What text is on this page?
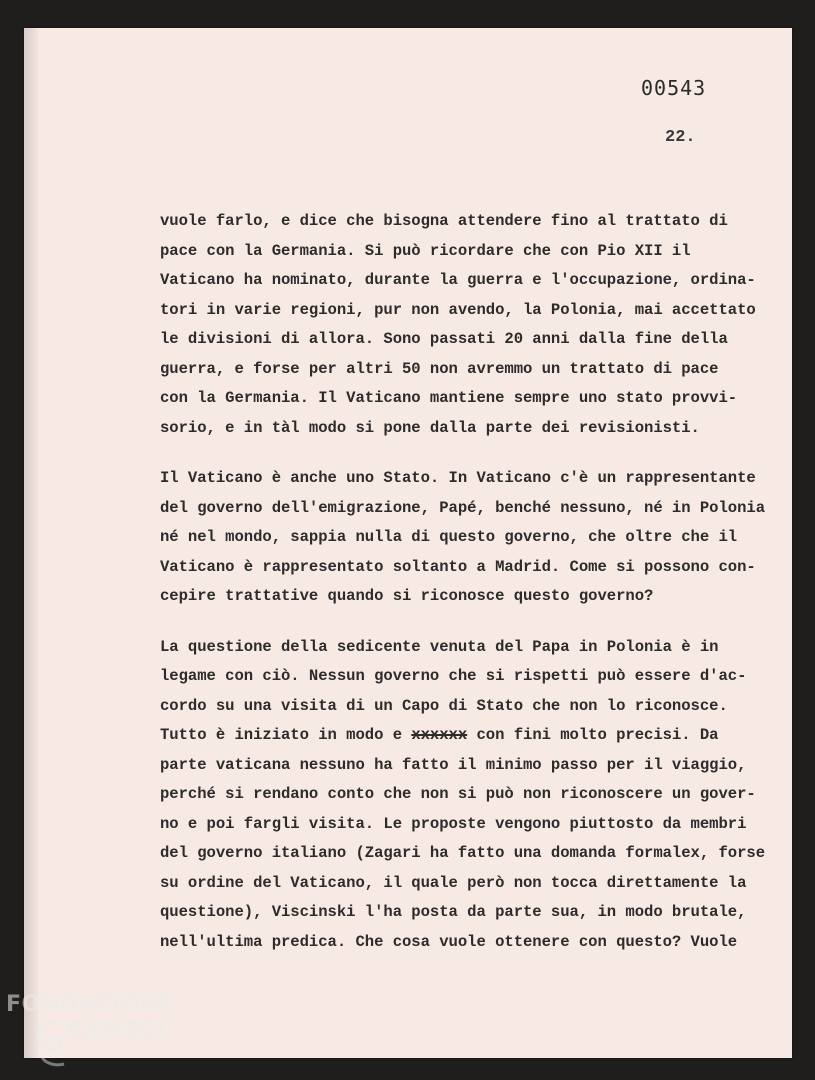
00543
22.
vuole farlo, e dice che bisogna attendere fino al trattato di
pace con la Germania. Si può ricordare che con Pio XII il
Vaticano ha nominato, durante la guerra e l'occupazione, ordina-
tori in varie regioni, pur non avendo, la Polonia, mai accettato
le divisioni di allora. Sono passati 20 anni dalla fine della
guerra, e forse per altri 50 non avremmo un trattato di pace
con la Germania. Il Vaticano mantiene sempre uno stato provvi-
sorio, e in tàl modo si pone dalla parte dei revisionisti.
Il Vaticano è anche uno Stato. In Vaticano c'è un rappresentante
del governo dell'emigrazione, Papé, benché nessuno, né in Polonia
né nel mondo, sappia nulla di questo governo, che oltre che il
Vaticano è rappresentato soltanto a Madrid. Come si possono con-
cepire trattative quando si riconosce questo governo?
La questione della sedicente venuta del Papa in Polonia è in
legame con ciò. Nessun governo che si rispetti può essere d'ac-
cordo su una visita di un Capo di Stato che non lo riconosce.
Tutto è iniziato in modo e xxxxxx con fini molto precisi. Da
parte vaticana nessuno ha fatto il minimo passo per il viaggio,
perché si rendano conto che non si può non riconoscere un gover-
no e poi fargli visita. Le proposte vengono piuttosto da membri
del governo italiano (Zagari ha fatto una domanda formalex, forse
su ordine del Vaticano, il quale però non tocca direttamente la
questione), Viscinski l'ha posta da parte sua, in modo brutale,
nell'ultima predica. Che cosa vuole ottenere con questo? Vuole
FONDAZIONE
RAMSCI
